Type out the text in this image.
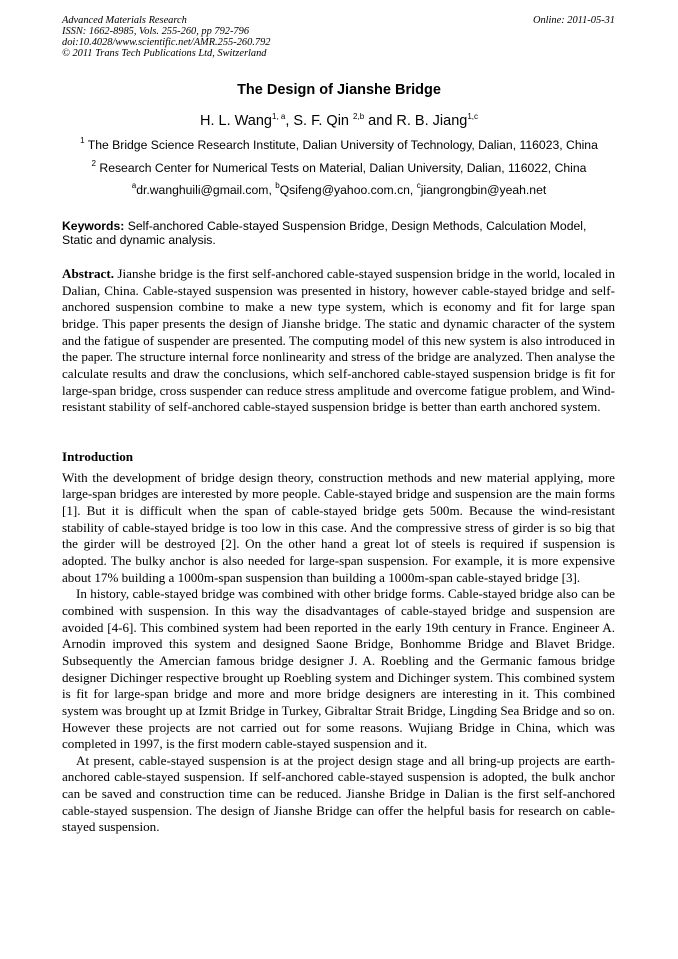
Advanced Materials Research
ISSN: 1662-8985, Vols. 255-260, pp 792-796
doi:10.4028/www.scientific.net/AMR.255-260.792
© 2011 Trans Tech Publications Ltd, Switzerland
Online: 2011-05-31
The Design of Jianshe Bridge
H. L. Wang$^{1, a}$, S. F. Qin $^{2,b}$ and R. B. Jiang$^{1,c}$
$^1$ The Bridge Science Research Institute, Dalian University of Technology, Dalian, 116023, China
$^2$ Research Center for Numerical Tests on Material, Dalian University, Dalian, 116022, China
$^a$dr.wanghuili@gmail.com, $^b$Qsifeng@yahoo.com.cn, $^c$jiangrongbin@yeah.net
Keywords: Self-anchored Cable-stayed Suspension Bridge, Design Methods, Calculation Model, Static and dynamic analysis.

Abstract. Jianshe bridge is the first self-anchored cable-stayed suspension bridge in the world, localed in Dalian, China. Cable-stayed suspension was presented in history, however cable-stayed bridge and self-anchored suspension combine to make a new type system, which is economy and fit for large span bridge. This paper presents the design of Jianshe bridge. The static and dynamic character of the system and the fatigue of suspender are presented. The computing model of this new system is also introduced in the paper. The structure internal force nonlinearity and stress of the bridge are analyzed. Then analyse the calculate results and draw the conclusions, which self-anchored cable-stayed suspension bridge is fit for large-span bridge, cross suspender can reduce stress amplitude and overcome fatigue problem, and Wind-resistant stability of self-anchored cable-stayed suspension bridge is better than earth anchored system.

Introduction

With the development of bridge design theory, construction methods and new material applying, more large-span bridges are interested by more people. Cable-stayed bridge and suspension are the main forms [1]. But it is difficult when the span of cable-stayed bridge gets 500m. Because the wind-resistant stability of cable-stayed bridge is too low in this case. And the compressive stress of girder is so big that the girder will be destroyed [2]. On the other hand a great lot of steels is required if suspension is adopted. The bulky anchor is also needed for large-span suspension. For example, it is more expensive about 17% building a 1000m-span suspension than building a 1000m-span cable-stayed bridge [3].

In history, cable-stayed bridge was combined with other bridge forms. Cable-stayed bridge also can be combined with suspension. In this way the disadvantages of cable-stayed bridge and suspension are avoided [4-6]. This combined system had been reported in the early 19th century in France. Engineer A. Arnodin improved this system and designed Saone Bridge, Bonhomme Bridge and Blavet Bridge. Subsequently the Amercian famous bridge designer J. A. Roebling and the Germanic famous bridge designer Dichinger respective brought up Roebling system and Dichinger system. This combined system is fit for large-span bridge and more and more bridge designers are interesting in it. This combined system was brought up at Izmit Bridge in Turkey, Gibraltar Strait Bridge, Lingding Sea Bridge and so on. However these projects are not carried out for some reasons. Wujiang Bridge in China, which was completed in 1997, is the first modern cable-stayed suspension and it.

At present, cable-stayed suspension is at the project design stage and all bring-up projects are earth-anchored cable-stayed suspension. If self-anchored cable-stayed suspension is adopted, the bulk anchor can be saved and construction time can be reduced. Jianshe Bridge in Dalian is the first self-anchored cable-stayed suspension. The design of Jianshe Bridge can offer the helpful basis for research on cable-stayed suspension.
